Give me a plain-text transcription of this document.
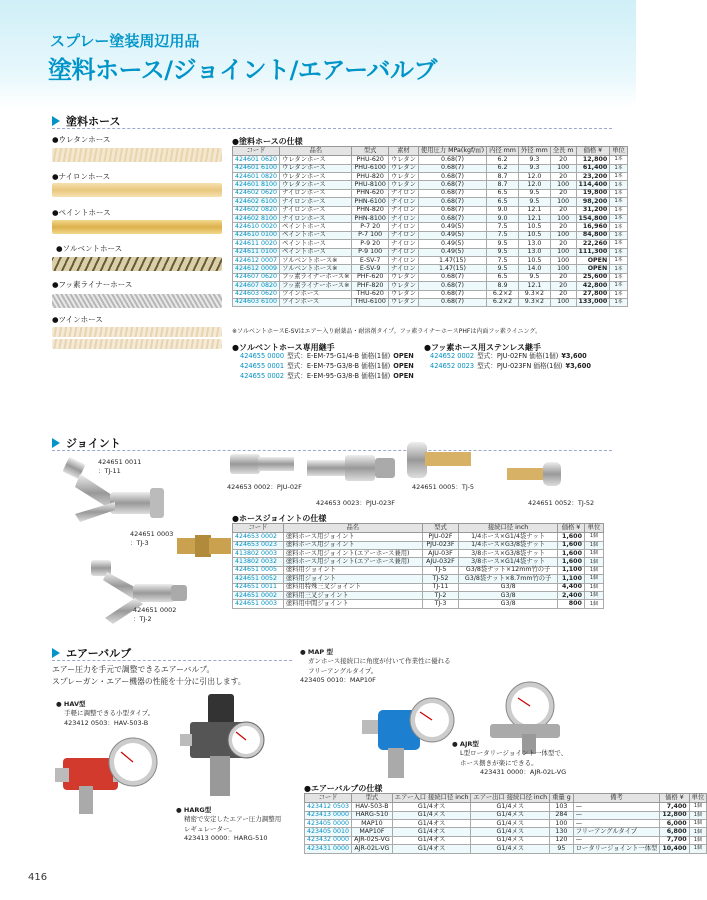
スプレー塗装周辺用品
塗料ホース/ジョイント/エアーバルブ
塗料ホース
●ウレタンホース
●ナイロンホース
●ペイントホース
●ソルベントホース
●フッ素ライナーホース
●ツインホース
●塗料ホースの仕様
コード	品名	型式	素材	使用圧力 MPa(kgf/㎡)	内径 mm	外径 mm	全長 m	価格 ¥	単位
424601 0620	ウレタンホース	PHU-620	ウレタン	0.68(7)	6.2	9.3	20	12,800	1本
424601 6100	ウレタンホース	PHU-6100	ウレタン	0.68(7)	6.2	9.3	100	61,400	1本
424601 0820	ウレタンホース	PHU-820	ウレタン	0.68(7)	8.7	12.0	20	23,200	1本
424601 8100	ウレタンホース	PHU-8100	ウレタン	0.68(7)	8.7	12.0	100	114,400	1本
424602 0620	ナイロンホース	PHN-620	ナイロン	0.68(7)	6.5	9.5	20	19,800	1本
424602 6100	ナイロンホース	PHN-6100	ナイロン	0.68(7)	6.5	9.5	100	98,200	1本
424602 0820	ナイロンホース	PHN-820	ナイロン	0.68(7)	9.0	12.1	20	31,200	1本
424602 8100	ナイロンホース	PHN-8100	ナイロン	0.68(7)	9.0	12.1	100	154,800	1本
424610 0020	ペイントホース	P-7 20	ナイロン	0.49(5)	7.5	10.5	20	16,960	1本
424610 0100	ペイントホース	P-7 100	ナイロン	0.49(5)	7.5	10.5	100	84,800	1本
424611 0020	ペイントホース	P-9 20	ナイロン	0.49(5)	9.5	13.0	20	22,260	1本
424611 0100	ペイントホース	P-9 100	ナイロン	0.49(5)	9.5	13.0	100	111,300	1本
424612 0007	ソルベントホース※	E-SV-7	ナイロン	1.47(15)	7.5	10.5	100	OPEN	1本
424612 0009	ソルベントホース※	E-SV-9	ナイロン	1.47(15)	9.5	14.0	100	OPEN	1本
424607 0620	フッ素ライナーホース※	PHF-620	ウレタン	0.68(7)	6.5	9.5	20	25,600	1本
424607 0820	フッ素ライナーホース※	PHF-820	ウレタン	0.68(7)	8.9	12.1	20	42,800	1本
424603 0620	ツインホース	THU-620	ウレタン	0.68(7)	6.2×2	9.3×2	20	27,800	1本
424603 6100	ツインホース	THU-6100	ウレタン	0.68(7)	6.2×2	9.3×2	100	133,000	1本
※ソルベントホースE-SVはエアー入り耐薬品・耐溶剤タイプ。フッ素ライナーホースPHFは内面フッ素ライニング。
●ソルベントホース専用継手
424655 0000 型式：E-EM-75-G1/4-B 価格(1個) OPEN
424655 0001 型式：E-EM-75-G3/8-B 価格(1個) OPEN
424655 0002 型式：E-EM-95-G3/8-B 価格(1個) OPEN
●フッ素ホース用ステンレス継手
424652 0002 型式：PJU-02FN 価格(1個) ¥3,600
424652 0023 型式：PJU-023FN 価格(1個) ¥3,600
ジョイント
424651 0011
：TJ-11
424653 0002：PJU-02F
424653 0023：PJU-023F
424651 0005：TJ-5
424651 0052：TJ-52
424651 0003
：TJ-3
424651 0002
：TJ-2
●ホースジョイントの仕様
コード	品名	型式	接続口径 inch	価格 ¥	単位
424653 0002	塗料ホース用ジョイント	PJU-02F	1/4ホース×G1/4袋ナット	1,600	1個
424653 0023	塗料ホース用ジョイント	PJU-023F	1/4ホース×G3/8袋ナット	1,600	1個
413802 0003	塗料ホース用ジョイント(エアーホース兼用)	AJU-03F	3/8ホース×G3/8袋ナット	1,600	1個
413802 0032	塗料ホース用ジョイント(エアーホース兼用)	AJU-032F	3/8ホース×G1/4袋ナット	1,600	1個
424651 0005	塗料用ジョイント	TJ-5	G3/8袋ナット×12mm竹の子	1,100	1個
424651 0052	塗料用ジョイント	TJ-52	G3/8袋ナット×8.7mm竹の子	1,100	1個
424651 0011	塗料用特殊三叉ジョイント	TJ-11	G3/8	4,400	1個
424651 0002	塗料用三叉ジョイント	TJ-2	G3/8	2,400	1個
424651 0003	塗料用中間ジョイント	TJ-3	G3/8	800	1個
エアーバルブ
エアー圧力を手元で調整できるエアーバルブ。
スプレーガン・エアー機器の性能を十分に引出します。
● HAV型
手軽に調整できる小型タイプ。
423412 0503：HAV-503-B
● HARG型
精密で安定したエアー圧力調整用
レギュレーター。
423413 0000：HARG-510
● MAP 型
ガンホース接続口に角度が付いて作業性に優れる
フリーアングルタイプ。
423405 0010：MAP10F
● AJR型
L型ロータリージョイント一体型で、
ホース捌きが楽にできる。
423431 0000：AJR-02L-VG
●エアーバルブの仕様
コード	型式	エアー入口 接続口径 inch	エアー出口 接続口径 inch	重量 g	備考	価格 ¥	単位
423412 0503	HAV-503-B	G1/4オス	G1/4メス	103	—	7,400	1個
423413 0000	HARG-510	G1/4メス	G1/4メス	284	—	12,800	1個
423405 0000	MAP10	G1/4オス	G1/4メス	100	—	6,000	1個
423405 0010	MAP10F	G1/4オス	G1/4メス	130	フリーアングルタイプ	6,800	1個
423432 0000	AJR-02S-VG	G1/4オス	G1/4メス	120	—	7,700	1個
423431 0000	AJR-02L-VG	G1/4オス	G1/4メス	95	ロータリージョイント一体型	10,400	1個
416
